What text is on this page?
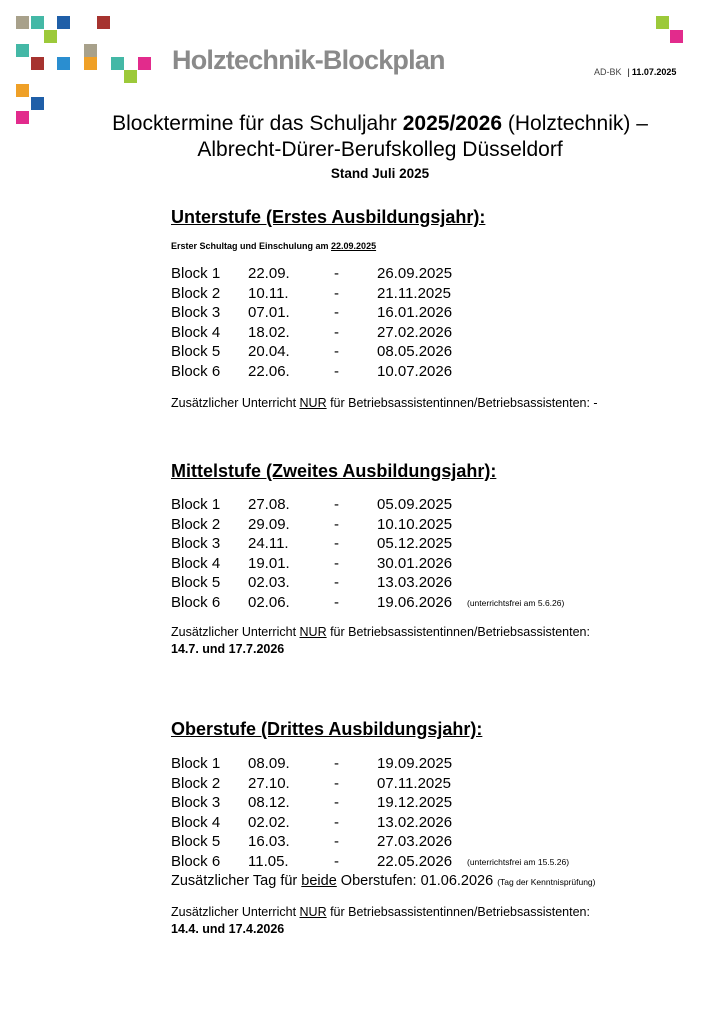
Holztechnik-Blockplan	AD-BK | 11.07.2025
Blocktermine für das Schuljahr 2025/2026 (Holztechnik) –
Albrecht-Dürer-Berufskolleg Düsseldorf
Stand Juli 2025
Unterstufe (Erstes Ausbildungsjahr):
Erster Schultag und Einschulung am 22.09.2025
Zusätzlicher Unterricht NUR für Betriebsassistentinnen/Betriebsassistenten: -
Mittelstufe (Zweites Ausbildungsjahr):
Zusätzlicher Unterricht NUR für Betriebsassistentinnen/Betriebsassistenten:
14.7. und 17.7.2026
Oberstufe (Drittes Ausbildungsjahr):
Zusätzlicher Tag für beide Oberstufen: 01.06.2026 (Tag der Kenntnisprüfung)
Zusätzlicher Unterricht NUR für Betriebsassistentinnen/Betriebsassistenten:
14.4. und 17.4.2026
Block 1 22.09.	-	26.09.2025
Block 2 10.11.	-	21.11.2025
Block 3 07.01.	-	16.01.2026
Block 4 18.02.	-	27.02.2026
Block 5 20.04.	-	08.05.2026
Block 6 22.06.	-	10.07.2026
Block 1 27.08.	-	05.09.2025
Block 2 29.09.	-	10.10.2025
Block 3 24.11.	-	05.12.2025
Block 4 19.01.	-	30.01.2026
Block 5 02.03.	-	13.03.2026
Block 6 02.06.	-	19.06.2026 (unterrichtsfrei am 5.6.26)
Block 1 08.09.	-	19.09.2025
Block 2 27.10.	-	07.11.2025
Block 3 08.12.	-	19.12.2025
Block 4 02.02.	-	13.02.2026
Block 5 16.03.	-	27.03.2026
Block 6 11.05.	-	22.05.2026 (unterrichtsfrei am 15.5.26)
